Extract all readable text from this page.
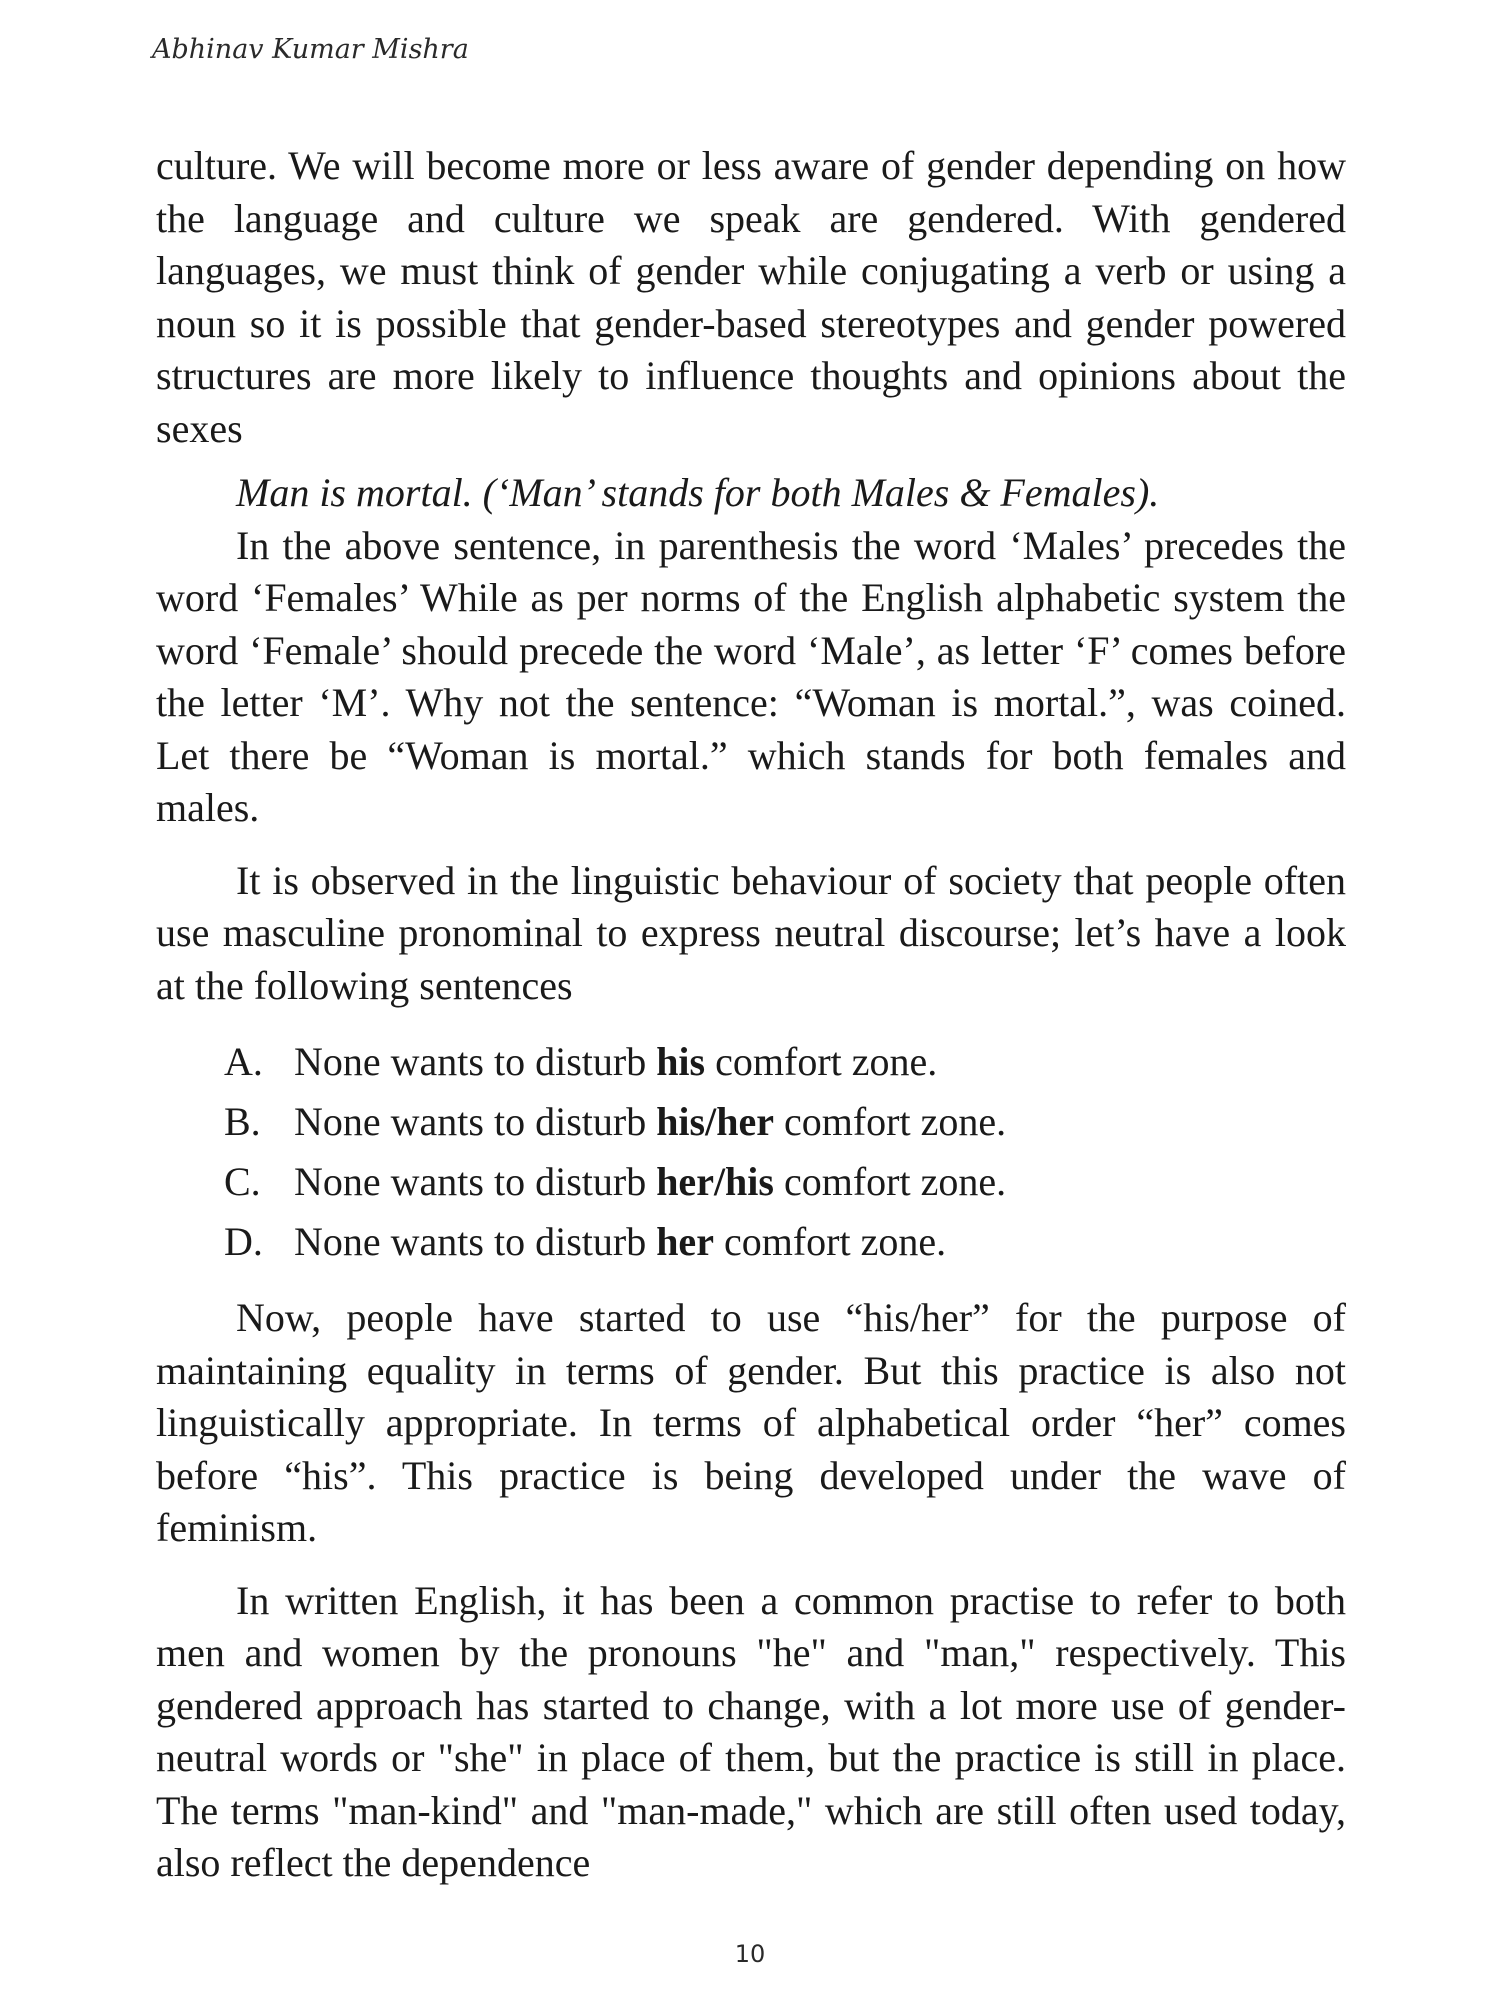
Abhinav Kumar Mishra

culture. We will become more or less aware of gender depending on how the language and culture we speak are gendered. With gendered languages, we must think of gender while conjugating a verb or using a noun so it is possible that gender-based stereotypes and gender powered structures are more likely to influence thoughts and opinions about the sexes

Man is mortal. (‘Man’ stands for both Males & Females).

In the above sentence, in parenthesis the word ‘Males’ precedes the word ‘Females’ While as per norms of the English alphabetic system the word ‘Female’ should precede the word ‘Male’, as letter ‘F’ comes before the letter ‘M’. Why not the sentence: “Woman is mortal.”, was coined. Let there be “Woman is mortal.” which stands for both females and males.

It is observed in the linguistic behaviour of society that people often use masculine pronominal to express neutral discourse; let’s have a look at the following sentences

A. None wants to disturb his comfort zone.
B. None wants to disturb his/her comfort zone.
C. None wants to disturb her/his comfort zone.
D. None wants to disturb her comfort zone.

Now, people have started to use “his/her” for the purpose of maintaining equality in terms of gender. But this practice is also not linguistically appropriate. In terms of alphabetical order “her” comes before “his”. This practice is being developed under the wave of feminism.

In written English, it has been a common practise to refer to both men and women by the pronouns "he" and "man," respectively. This gendered approach has started to change, with a lot more use of gender-neutral words or "she" in place of them, but the practice is still in place. The terms "man-kind" and "man-made," which are still often used today, also reflect the dependence

10
